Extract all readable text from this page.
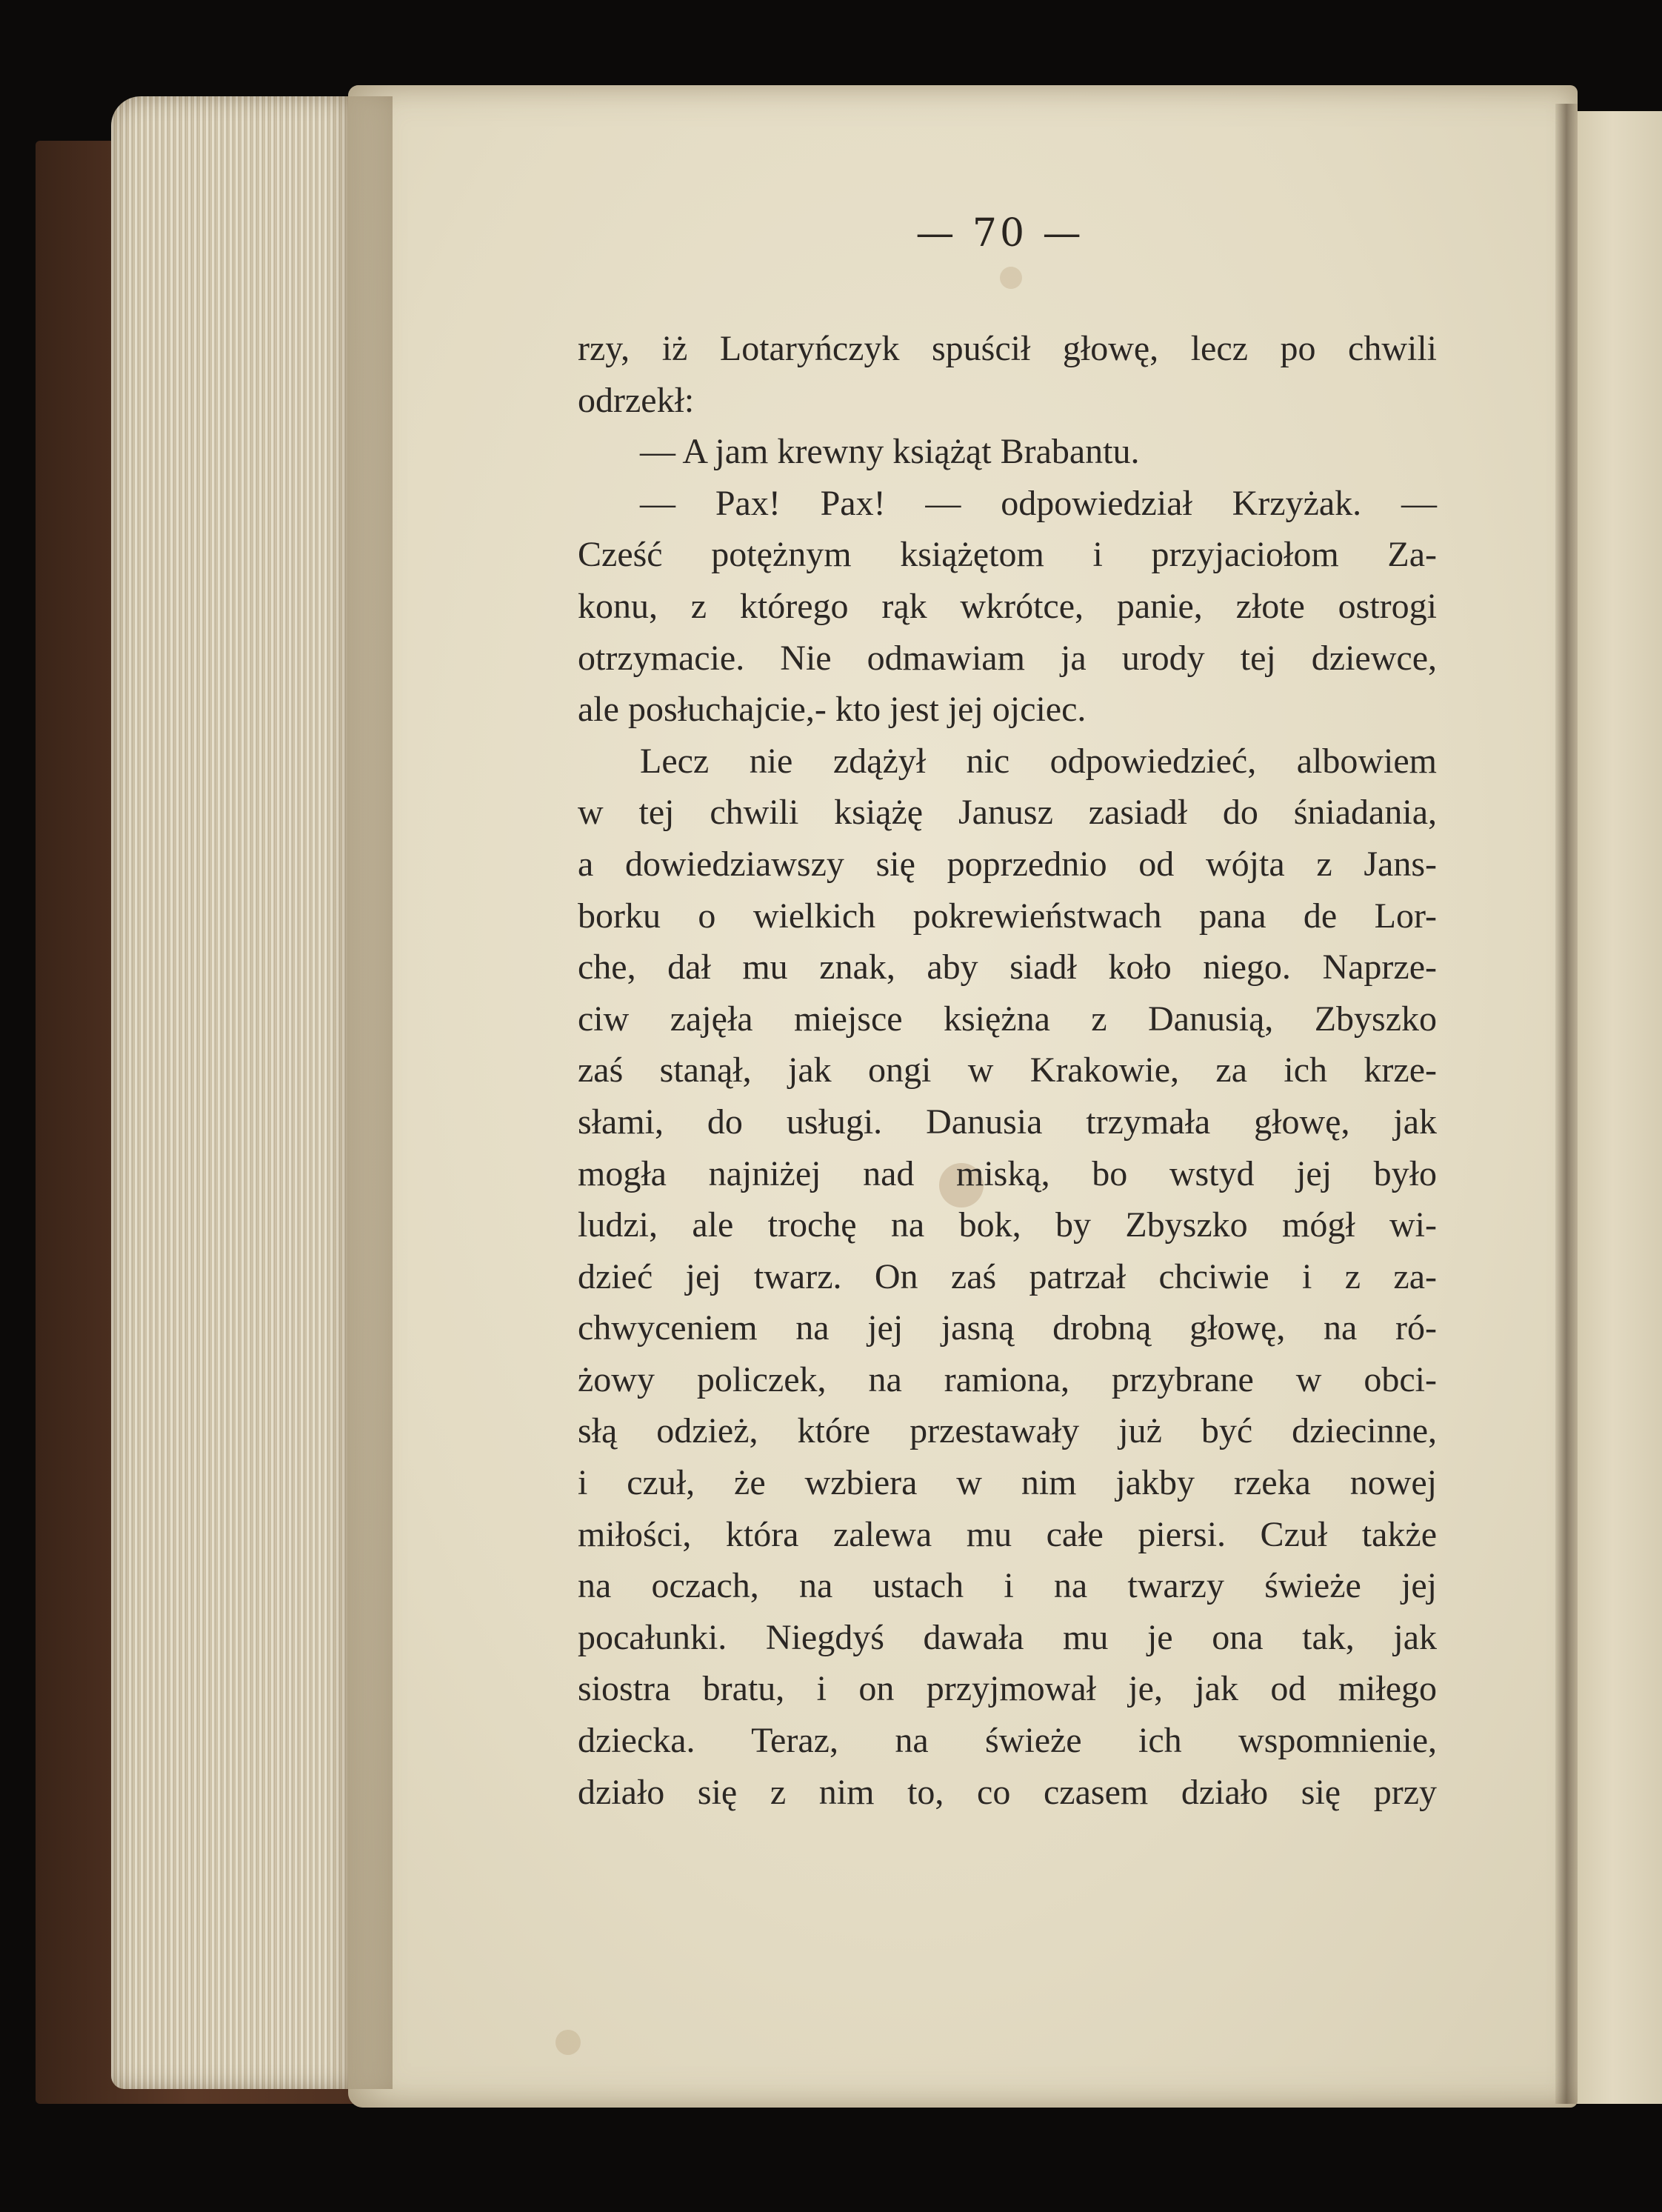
— 70 —
rzy, iż Lotaryńczyk spuścił głowę, lecz po chwili
odrzekł:
— A jam krewny książąt Brabantu.
— Pax! Pax! — odpowiedział Krzyżak. —
Cześć potężnym książętom i przyjaciołom Za-
konu, z którego rąk wkrótce, panie, złote ostrogi
otrzymacie. Nie odmawiam ja urody tej dziewce,
ale posłuchajcie,- kto jest jej ojciec.
Lecz nie zdążył nic odpowiedzieć, albowiem
w tej chwili książę Janusz zasiadł do śniadania,
a dowiedziawszy się poprzednio od wójta z Jans-
borku o wielkich pokrewieństwach pana de Lor-
che, dał mu znak, aby siadł koło niego. Naprze-
ciw zajęła miejsce księżna z Danusią, Zbyszko
zaś stanął, jak ongi w Krakowie, za ich krze-
słami, do usługi. Danusia trzymała głowę, jak
mogła najniżej nad miską, bo wstyd jej było
ludzi, ale trochę na bok, by Zbyszko mógł wi-
dzieć jej twarz. On zaś patrzał chciwie i z za-
chwyceniem na jej jasną drobną głowę, na ró-
żowy policzek, na ramiona, przybrane w obci-
słą odzież, które przestawały już być dziecinne,
i czuł, że wzbiera w nim jakby rzeka nowej
miłości, która zalewa mu całe piersi. Czuł także
na oczach, na ustach i na twarzy świeże jej
pocałunki. Niegdyś dawała mu je ona tak, jak
siostra bratu, i on przyjmował je, jak od miłego
dziecka. Teraz, na świeże ich wspomnienie,
działo się z nim to, co czasem działo się przy
